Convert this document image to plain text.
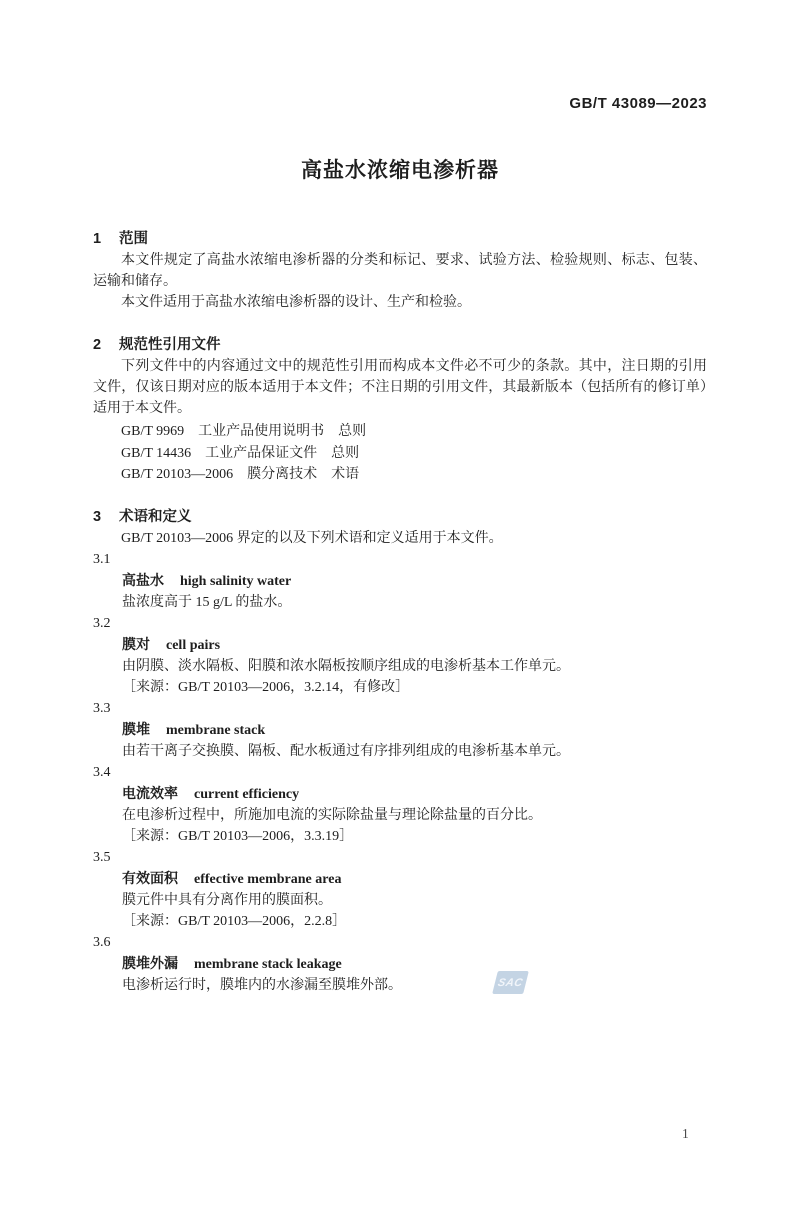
GB/T 43089—2023
高盐水浓缩电渗析器
1 范围

本文件规定了高盐水浓缩电渗析器的分类和标记、要求、试验方法、检验规则、标志、包装、运输和储存。

本文件适用于高盐水浓缩电渗析器的设计、生产和检验。

2 规范性引用文件

下列文件中的内容通过文中的规范性引用而构成本文件必不可少的条款。其中，注日期的引用文件，仅该日期对应的版本适用于本文件；不注日期的引用文件，其最新版本（包括所有的修订单）适用于本文件。

GB/T 9969　工业产品使用说明书　总则
GB/T 14436　工业产品保证文件　总则
GB/T 20103—2006　膜分离技术　术语
3 术语和定义

GB/T 20103—2006 界定的以及下列术语和定义适用于本文件。

3.1
高盐水 high salinity water
盐浓度高于 15 g/L 的盐水。
3.2
膜对 cell pairs
由阴膜、淡水隔板、阳膜和浓水隔板按顺序组成的电渗析基本工作单元。
［来源：GB/T 20103—2006，3.2.14，有修改］
3.3
膜堆 membrane stack
由若干离子交换膜、隔板、配水板通过有序排列组成的电渗析基本单元。
3.4
电流效率 current efficiency
在电渗析过程中，所施加电流的实际除盐量与理论除盐量的百分比。
［来源：GB/T 20103—2006，3.3.19］
3.5
有效面积 effective membrane area
膜元件中具有分离作用的膜面积。
［来源：GB/T 20103—2006，2.2.8］
3.6
膜堆外漏 membrane stack leakage
电渗析运行时，膜堆内的水渗漏至膜堆外部。	SAC
1
